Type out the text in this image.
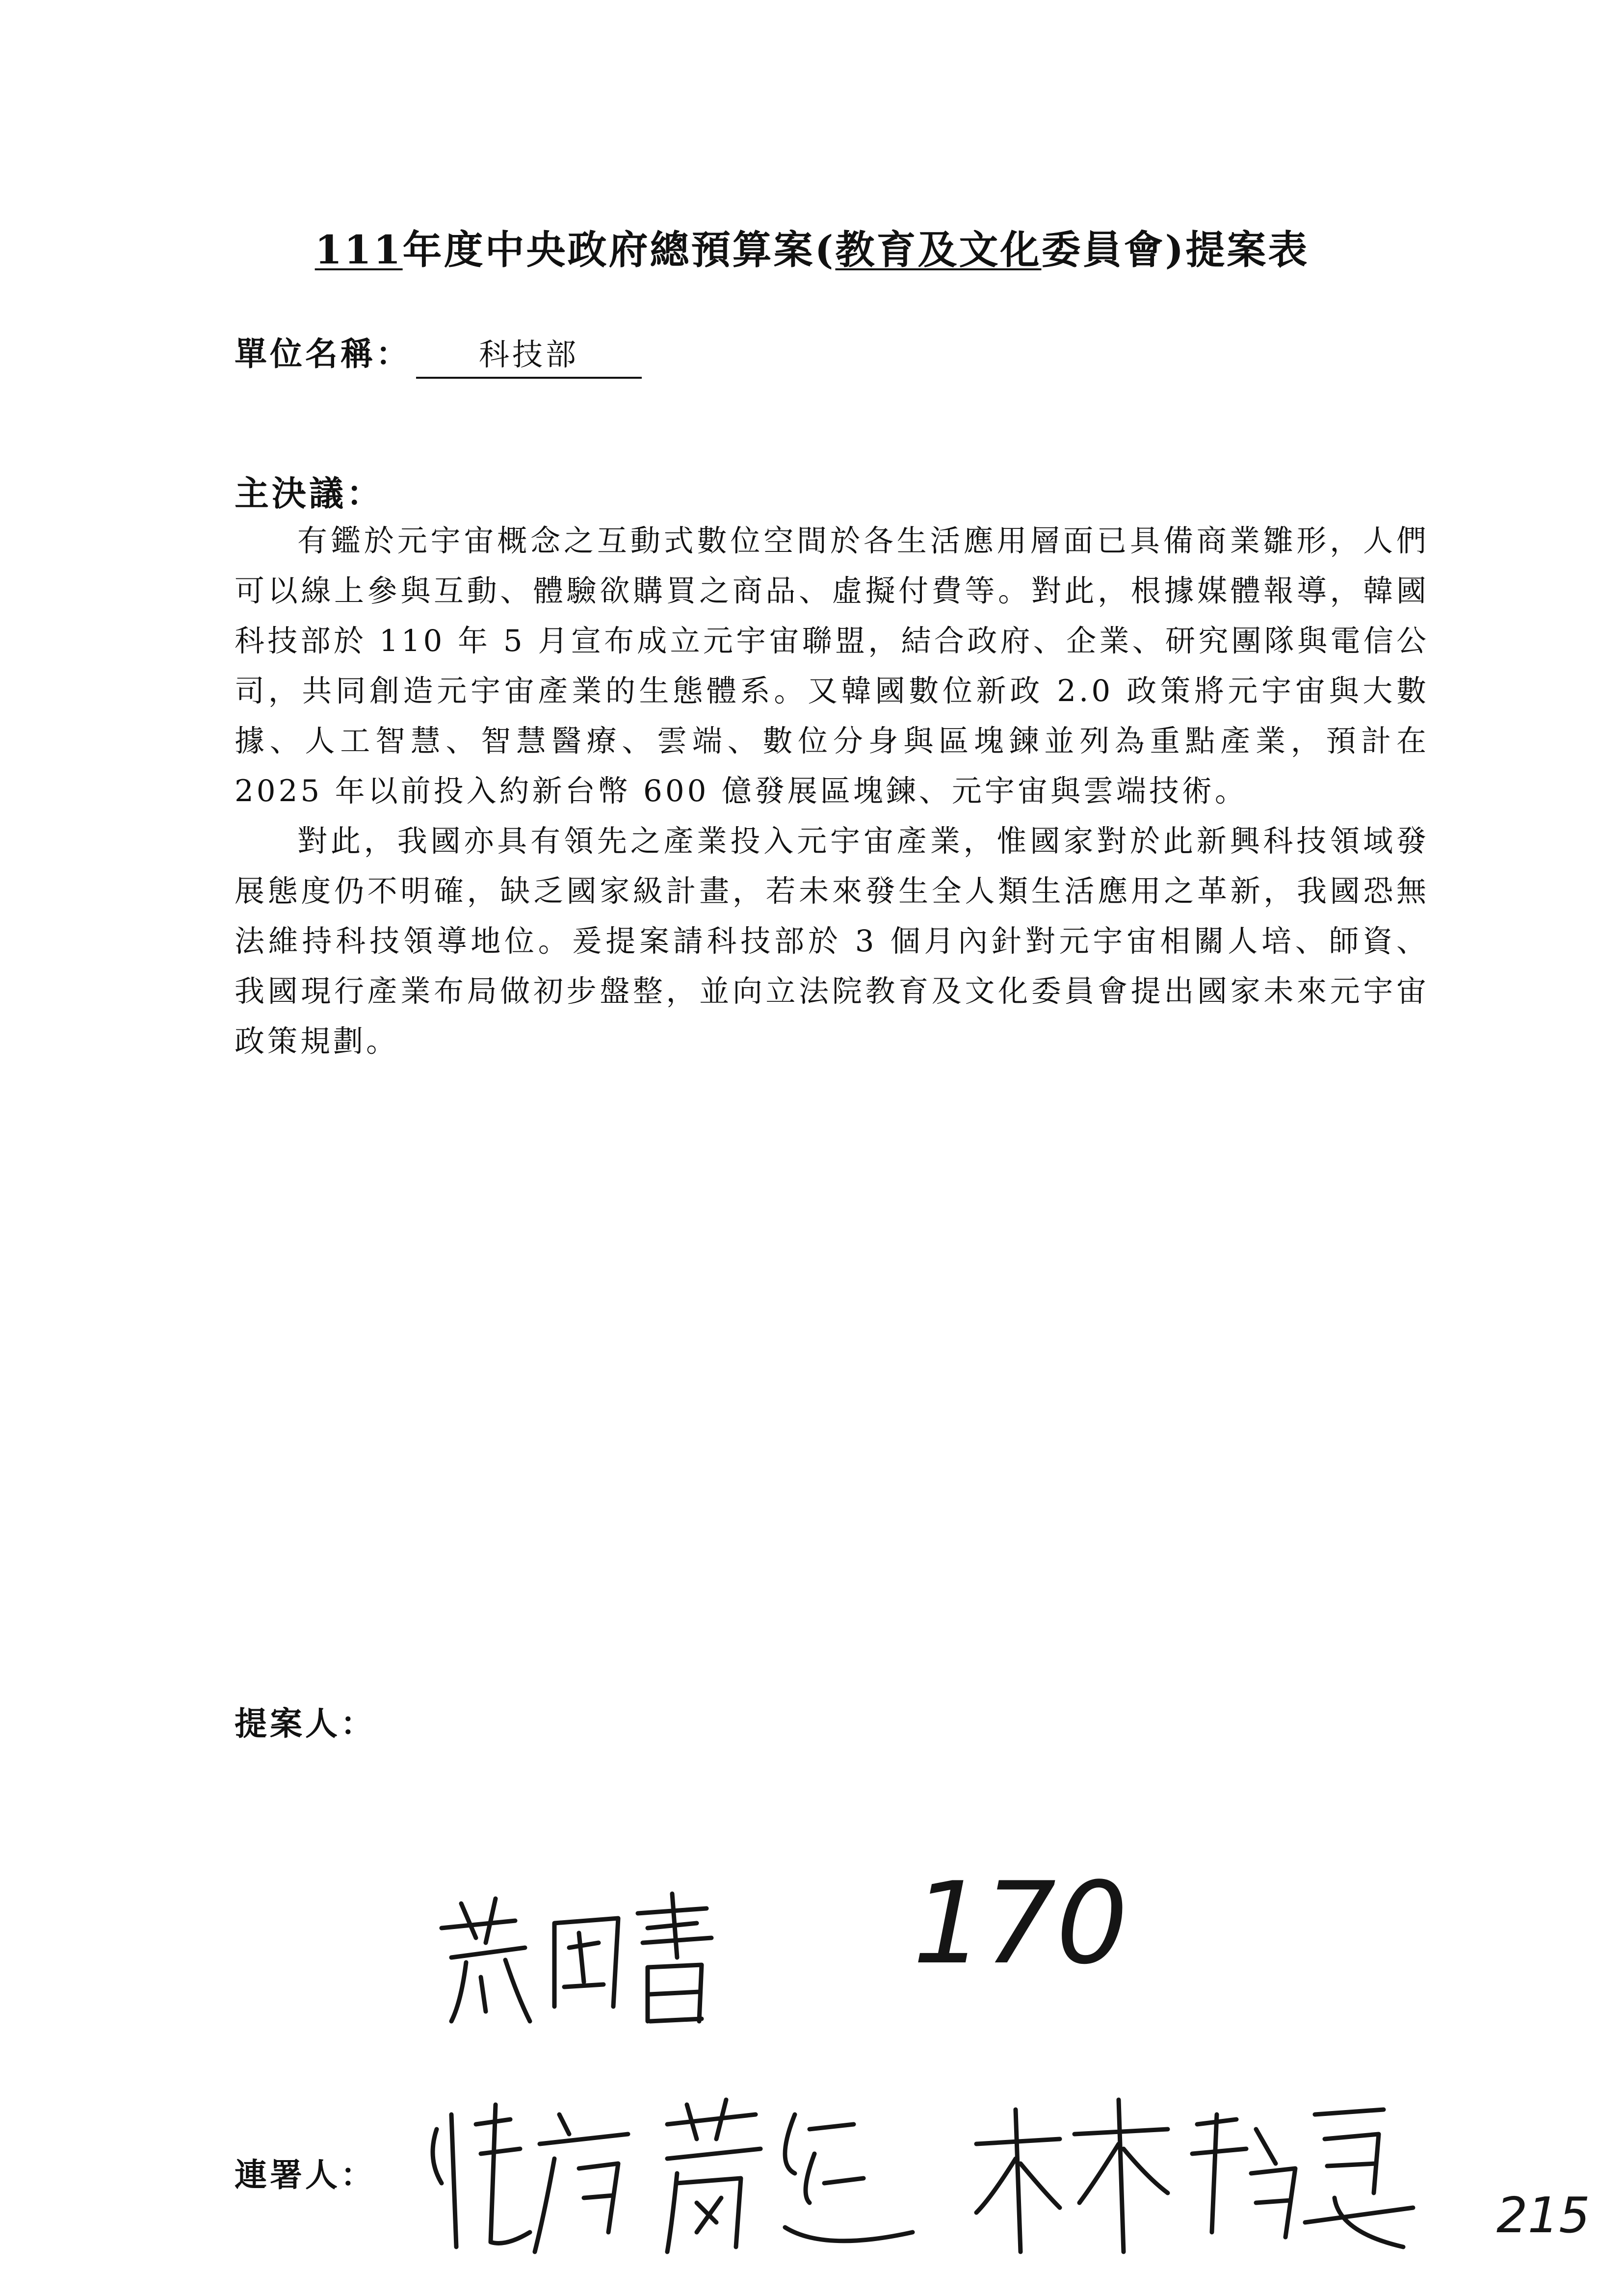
111年度中央政府總預算案(教育及文化委員會)提案表
單位名稱： 科技部
主決議：

有鑑於元宇宙概念之互動式數位空間於各生活應用層面已具備商業雛形，人們可以線上參與互動、體驗欲購買之商品、虛擬付費等。對此，根據媒體報導，韓國科技部於 110 年 5 月宣布成立元宇宙聯盟，結合政府、企業、研究團隊與電信公司，共同創造元宇宙產業的生態體系。又韓國數位新政 2.0 政策將元宇宙與大數據、人工智慧、智慧醫療、雲端、數位分身與區塊鍊並列為重點產業，預計在 2025 年以前投入約新台幣 600 億發展區塊鍊、元宇宙與雲端技術。

對此，我國亦具有領先之產業投入元宇宙產業，惟國家對於此新興科技領域發展態度仍不明確，缺乏國家級計畫，若未來發生全人類生活應用之革新，我國恐無法維持科技領導地位。爰提案請科技部於 3 個月內針對元宇宙相關人培、師資、我國現行產業布局做初步盤整，並向立法院教育及文化委員會提出國家未來元宇宙政策規劃。

提案人：
170
連署人：
215
